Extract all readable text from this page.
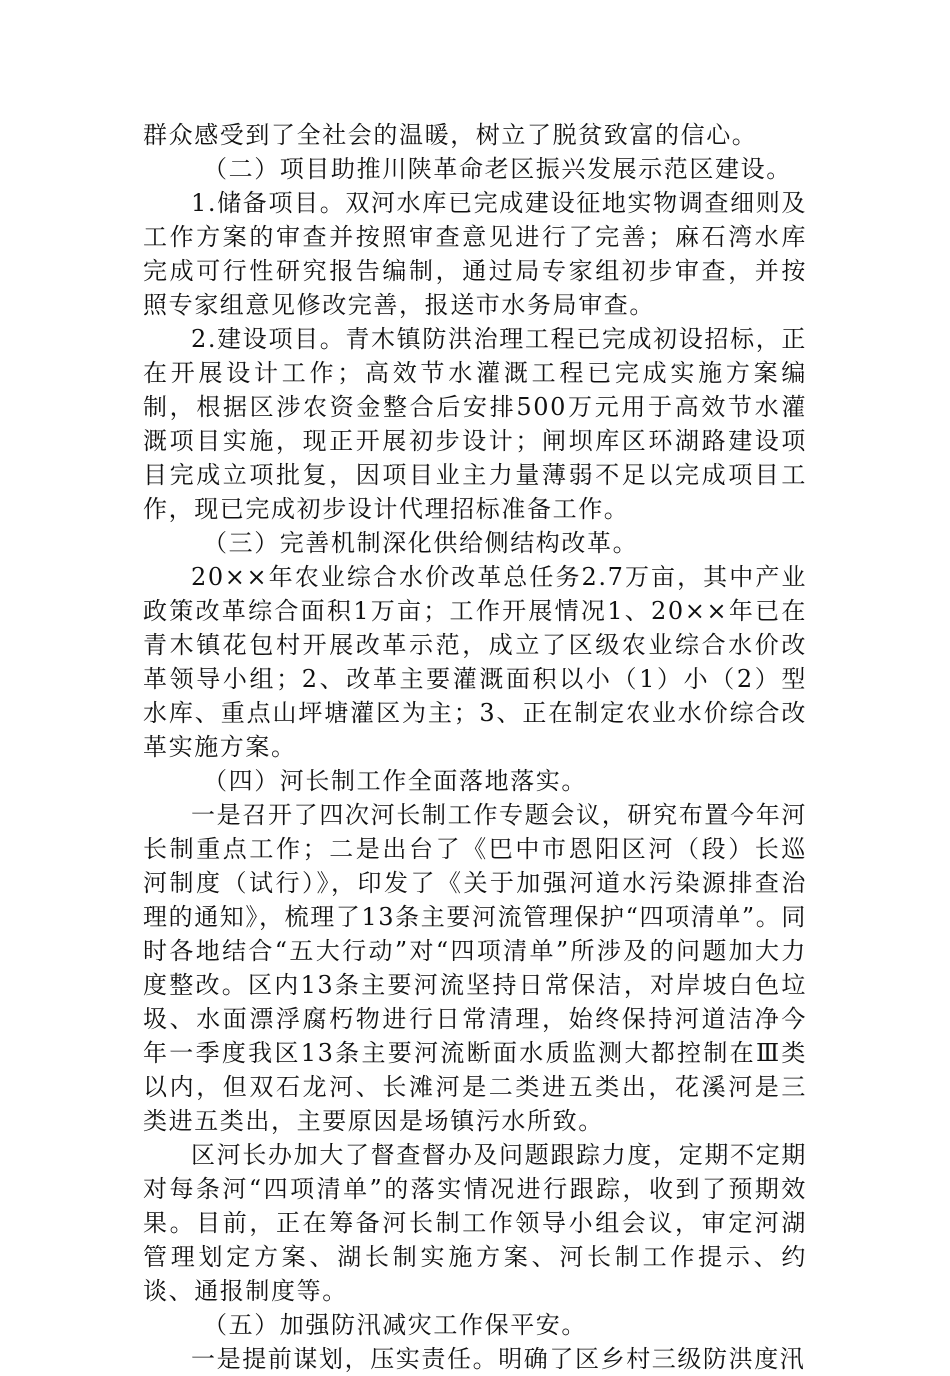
群众感受到了全社会的温暖，树立了脱贫致富的信心。

（二）项目助推川陕革命老区振兴发展示范区建设。

1.储备项目。双河水库已完成建设征地实物调查细则及工作方案的审查并按照审查意见进行了完善；麻石湾水库完成可行性研究报告编制，通过局专家组初步审查，并按照专家组意见修改完善，报送市水务局审查。

2.建设项目。青木镇防洪治理工程已完成初设招标，正在开展设计工作；高效节水灌溉工程已完成实施方案编制，根据区涉农资金整合后安排500万元用于高效节水灌溉项目实施，现正开展初步设计；闸坝库区环湖路建设项目完成立项批复，因项目业主力量薄弱不足以完成项目工作，现已完成初步设计代理招标准备工作。

（三）完善机制深化供给侧结构改革。

20××年农业综合水价改革总任务2.7万亩，其中产业政策改革综合面积1万亩；工作开展情况1、20××年已在青木镇花包村开展改革示范，成立了区级农业综合水价改革领导小组；2、改革主要灌溉面积以小（1）小（2）型水库、重点山坪塘灌区为主；3、正在制定农业水价综合改革实施方案。

（四）河长制工作全面落地落实。

一是召开了四次河长制工作专题会议，研究布置今年河长制重点工作；二是出台了《巴中市恩阳区河（段）长巡河制度（试行）》，印发了《关于加强河道水污染源排查治理的通知》，梳理了13条主要河流管理保护“四项清单”。同时各地结合“五大行动”对“四项清单”所涉及的问题加大力度整改。区内13条主要河流坚持日常保洁，对岸坡白色垃圾、水面漂浮腐朽物进行日常清理，始终保持河道洁净今年一季度我区13条主要河流断面水质监测大都控制在Ⅲ类以内，但双石龙河、长滩河是二类进五类出，花溪河是三类进五类出，主要原因是场镇污水所致。

区河长办加大了督查督办及问题跟踪力度，定期不定期对每条河“四项清单”的落实情况进行跟踪，收到了预期效果。目前，正在筹备河长制工作领导小组会议，审定河湖管理划定方案、湖长制实施方案、河长制工作提示、约谈、通报制度等。

（五）加强防汛减灾工作保平安。

一是提前谋划，压实责任。明确了区乡村三级防洪度汛
